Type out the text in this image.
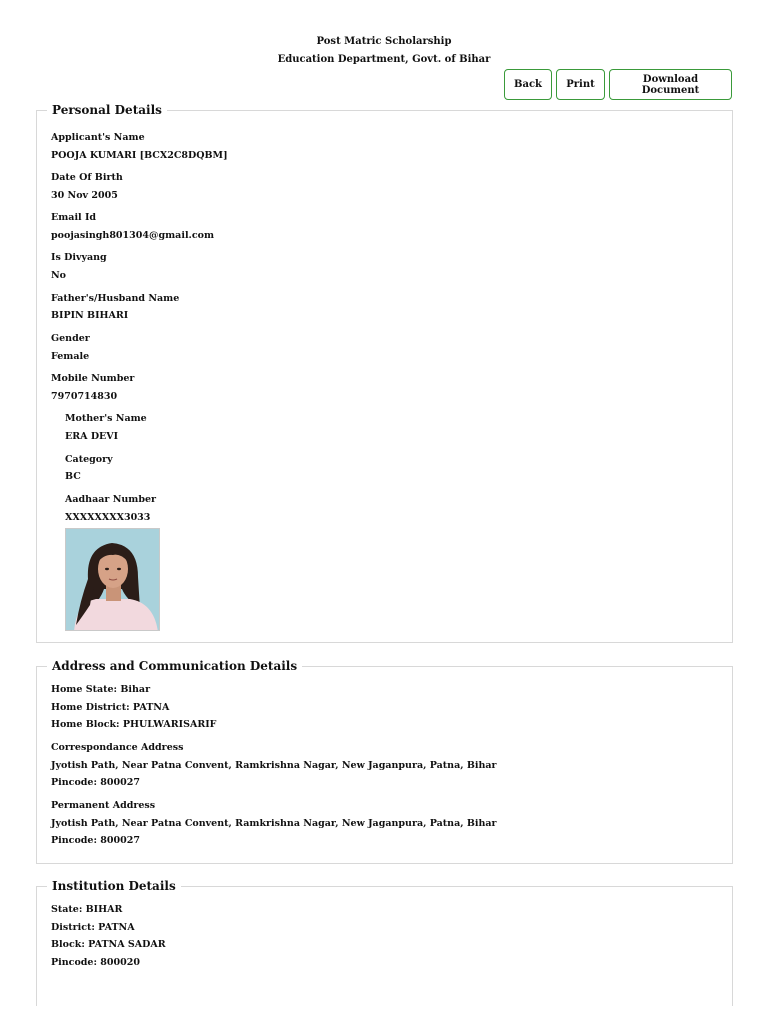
Post Matric Scholarship
Education Department, Govt. of Bihar
Back	Print	Download Document
Personal Details
Applicant's Name
POOJA KUMARI [BCX2C8DQBM]
Date Of Birth
30 Nov 2005
Email Id
poojasingh801304@gmail.com
Is Divyang
No
Father's/Husband Name
BIPIN BIHARI
Gender
Female
Mobile Number
7970714830
Mother's Name
ERA DEVI
Category
BC
Aadhaar Number
XXXXXXXX3033
Address and Communication Details
Home State: Bihar
Home District: PATNA
Home Block: PHULWARISARIF
Correspondance Address
Jyotish Path, Near Patna Convent, Ramkrishna Nagar, New Jaganpura, Patna, Bihar
Pincode: 800027
Permanent Address
Jyotish Path, Near Patna Convent, Ramkrishna Nagar, New Jaganpura, Patna, Bihar
Pincode: 800027
Institution Details
State: BIHAR
District: PATNA
Block: PATNA SADAR
Pincode: 800020
